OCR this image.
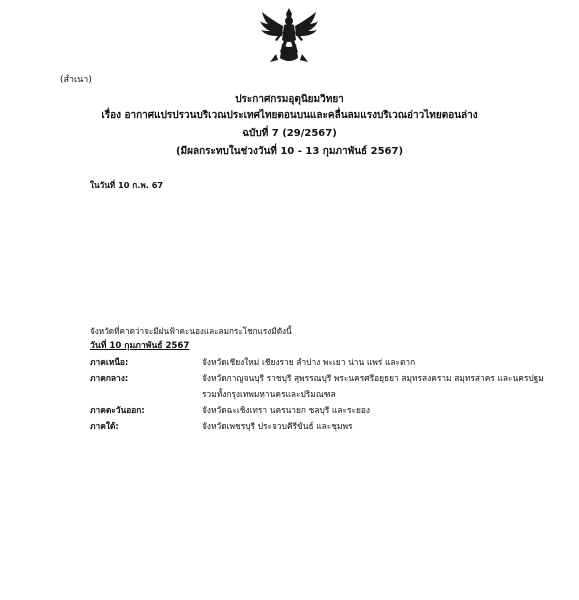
(สำเนา)
ประกาศกรมอุตุนิยมวิทยา
เรื่อง อากาศแปรปรวนบริเวณประเทศไทยตอนบนและคลื่นลมแรงบริเวณอ่าวไทยตอนล่าง
ฉบับที่ 7 (29/2567)
(มีผลกระทบในช่วงวันที่ 10 - 13 กุมภาพันธ์ 2567)
ในวันที่ 10 ก.พ. 67
จังหวัดที่คาดว่าจะมีฝนฟ้าคะนองและลมกระโชกแรงมีดังนี้
วันที่ 10 กุมภาพันธ์ 2567
ภาคเหนือ:	จังหวัดเชียงใหม่ เชียงราย ลำปาง พะเยา น่าน แพร่ และตาก
ภาคกลาง:	จังหวัดกาญจนบุรี ราชบุรี สุพรรณบุรี พระนครศรีอยุธยา สมุทรสงคราม สมุทรสาคร และนครปฐม รวมทั้งกรุงเทพมหานครและปริมณฑล
ภาคตะวันออก:	จังหวัดฉะเชิงเทรา นครนายก ชลบุรี และระยอง
ภาคใต้:	จังหวัดเพชรบุรี ประจวบคีรีขันธ์ และชุมพร
